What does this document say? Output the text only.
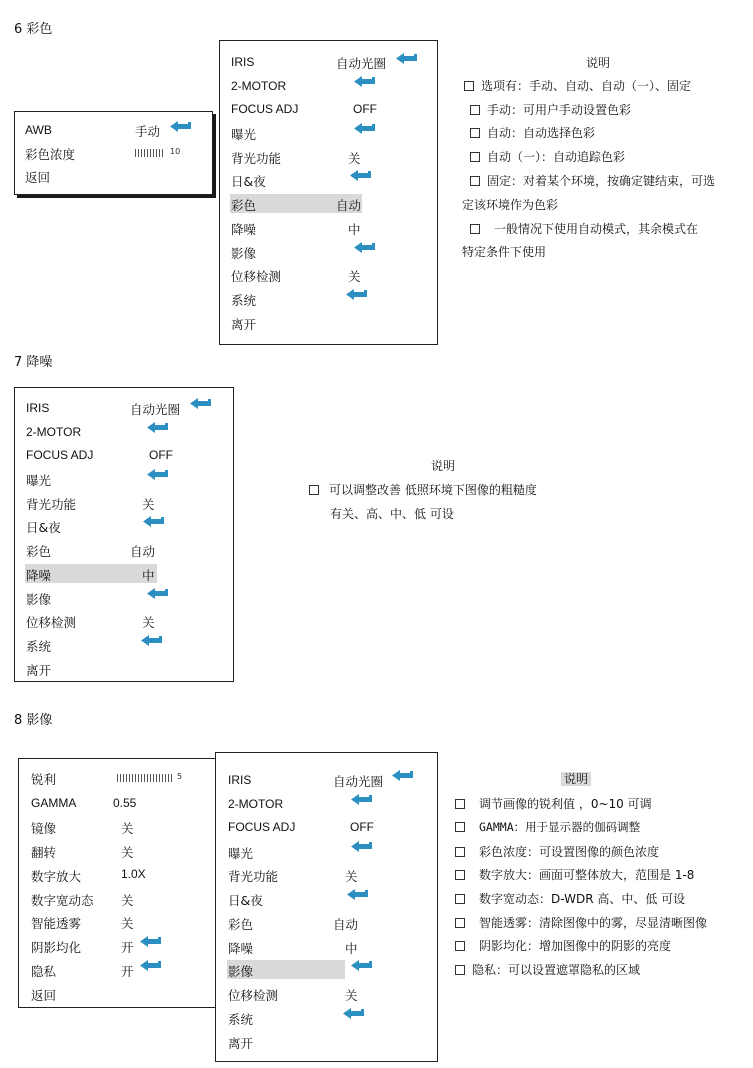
6 彩色
AWB	手动
彩色浓度	10
返回
IRIS	自动光圈
2-MOTOR
FOCUS ADJ	OFF
曝光
背光功能	关
日&夜
彩色	自动
降噪	中
影像
位移检测	关
系统
离开
说明
选项有：手动、自动、自动（一）、固定
手动：可用户手动设置色彩
自动：自动选择色彩
自动（一）：自动追踪色彩
固定：对着某个环境，按确定键结束，可选
定该环境作为色彩
一般情况下使用自动模式，其余模式在
特定条件下使用
7 降噪
IRIS	自动光圈
2-MOTOR
FOCUS ADJ	OFF
曝光
背光功能	关
日&夜
彩色	自动
降噪	中
影像
位移检测	关
系统
离开
说明
可以调整改善 低照环境下图像的粗糙度
有关、高、中、低 可设
8 影像
锐利	5
GAMMA	0.55
镜像	关
翻转	关
数字放大	1.0X
数字宽动态 关
智能透雾	关
阴影均化	开
隐私	开
返回
IRIS	自动光圈
2-MOTOR
FOCUS ADJ	OFF
曝光
背光功能	关
日&夜
彩色	自动
降噪	中
影像
位移检测	关
系统
离开
说明
调节画像的锐利值 ，0~10 可调
GAMMA：用于显示器的伽码调整
彩色浓度：可设置图像的颜色浓度
数字放大：画面可整体放大，范围是 1-8
数字宽动态：D-WDR 高、中、低 可设
智能透雾：清除图像中的雾，尽显清晰图像
阴影均化：增加图像中的阴影的亮度
隐私：可以设置遮罩隐私的区域
